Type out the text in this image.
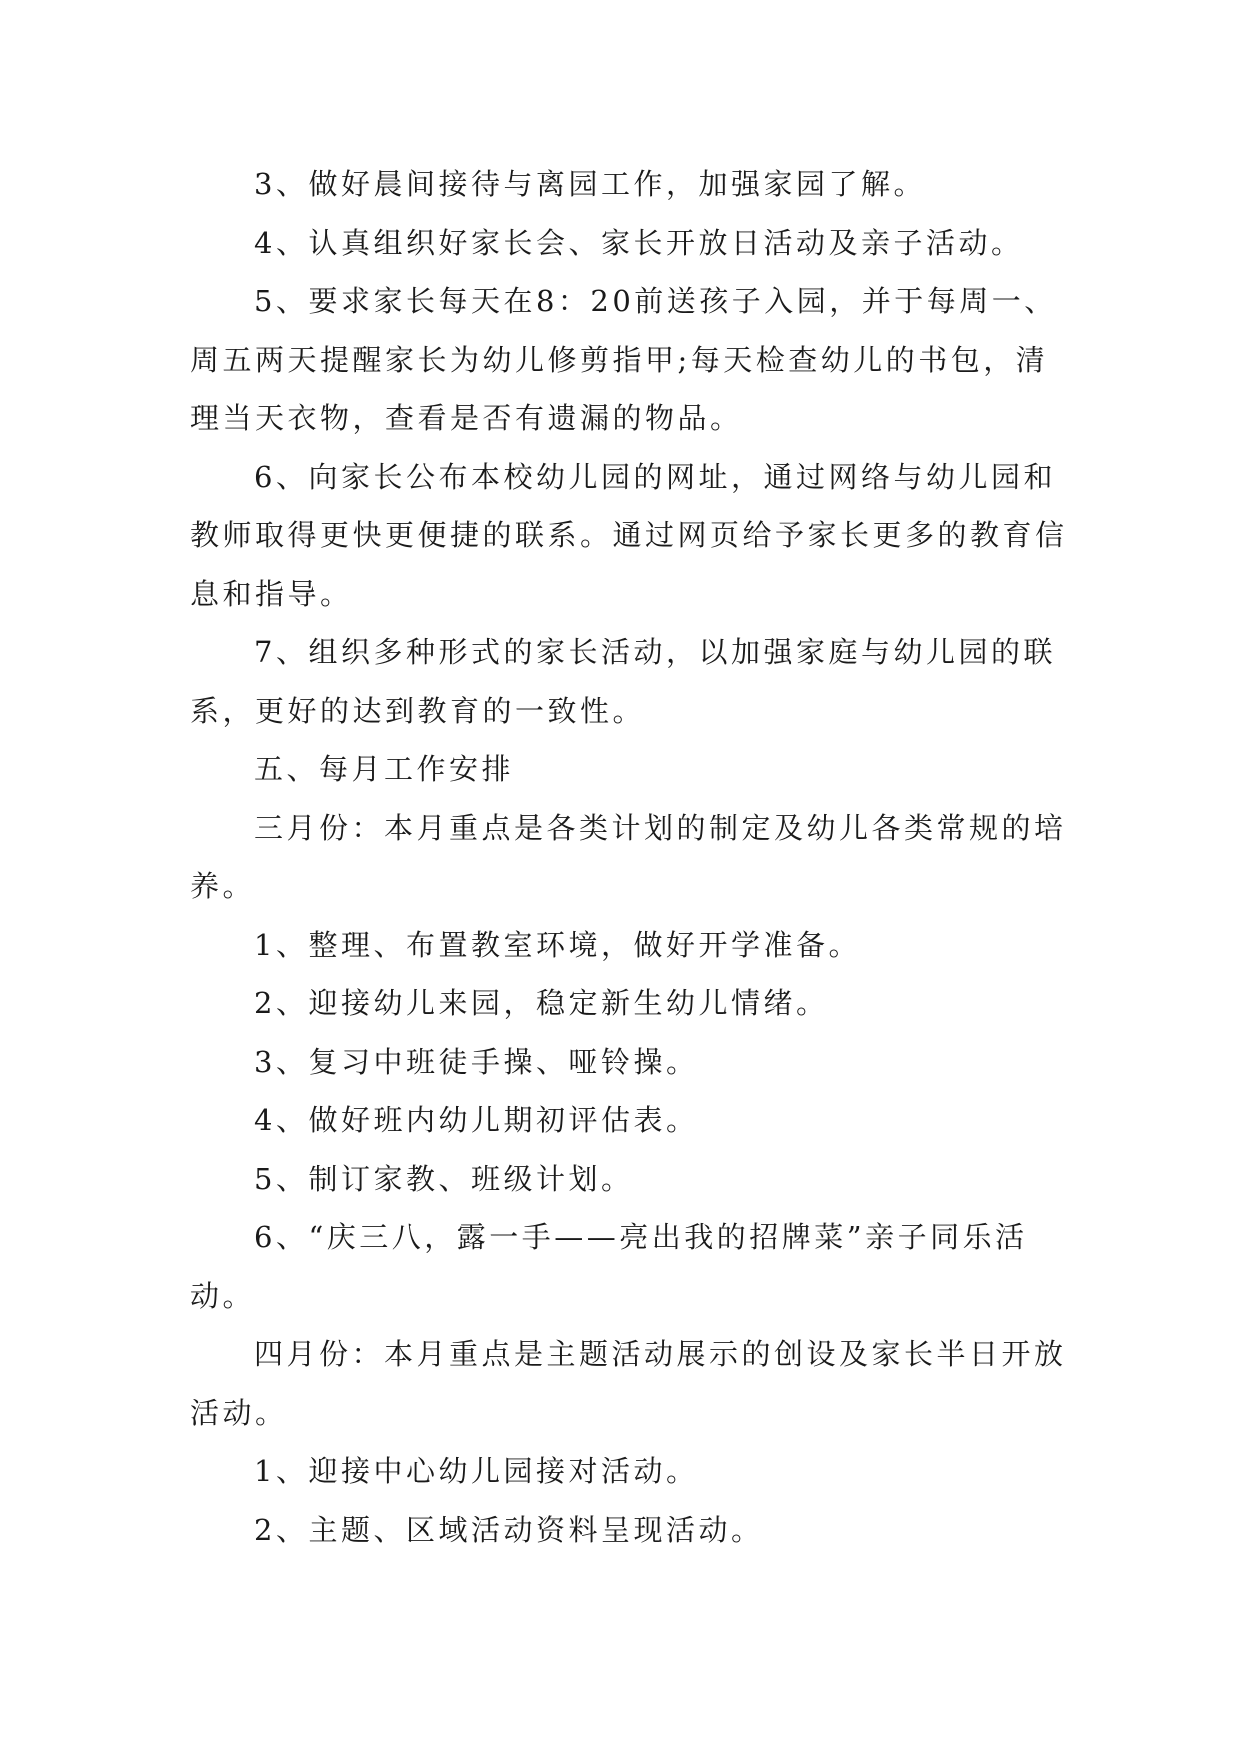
3、做好晨间接待与离园工作，加强家园了解。

4、认真组织好家长会、家长开放日活动及亲子活动。

5、要求家长每天在8：20前送孩子入园，并于每周一、周五两天提醒家长为幼儿修剪指甲;每天检查幼儿的书包，清理当天衣物，查看是否有遗漏的物品。

6、向家长公布本校幼儿园的网址，通过网络与幼儿园和教师取得更快更便捷的联系。通过网页给予家长更多的教育信息和指导。

7、组织多种形式的家长活动，以加强家庭与幼儿园的联系，更好的达到教育的一致性。

五、每月工作安排

三月份：本月重点是各类计划的制定及幼儿各类常规的培养。

1、整理、布置教室环境，做好开学准备。

2、迎接幼儿来园，稳定新生幼儿情绪。

3、复习中班徒手操、哑铃操。

4、做好班内幼儿期初评估表。

5、制订家教、班级计划。

6、“庆三八，露一手——亮出我的招牌菜”亲子同乐活动。

四月份：本月重点是主题活动展示的创设及家长半日开放活动。

1、迎接中心幼儿园接对活动。

2、主题、区域活动资料呈现活动。
